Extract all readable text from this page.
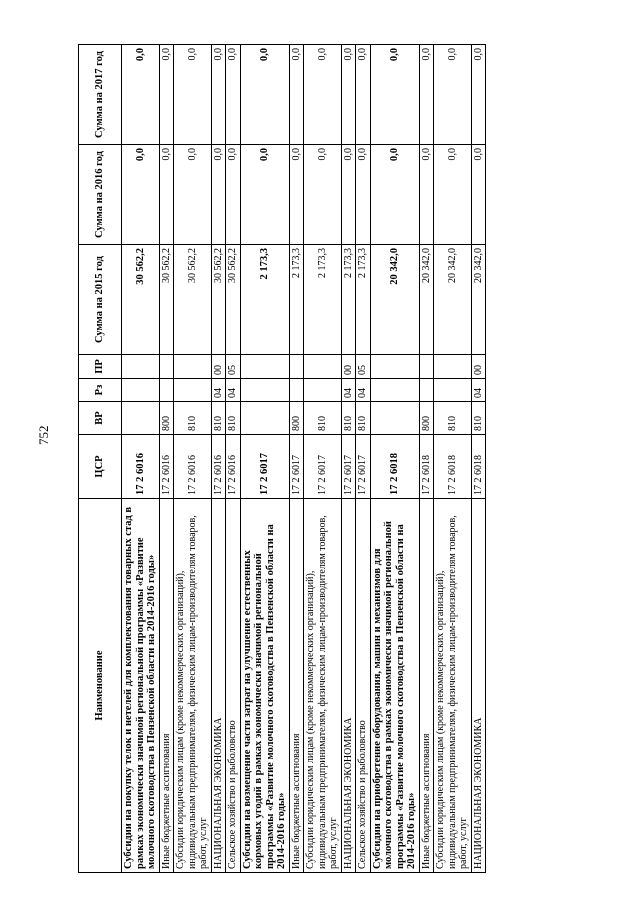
752
Наименование	ЦСР	ВР	Рз	ПР	Сумма на 2015 год	Сумма на 2016 год	Сумма на 2017 год
Субсидии на покупку телок и нетелей для комплектования товарных стад в рамках экономически значимой региональной программы «Развитие молочного скотоводства в Пензенской области на 2014-2016 годы»	17 2 6016				30 562,2	0,0	0,0
Иные бюджетные ассигнования	17 2 6016	800			30 562,2	0,0	0,0
Субсидии юридическим лицам (кроме некоммерческих организаций), индивидуальным предпринимателям, физическим лицам-производителям товаров, работ, услуг	17 2 6016	810			30 562,2	0,0	0,0
НАЦИОНАЛЬНАЯ ЭКОНОМИКА	17 2 6016	810	04	00	30 562,2	0,0	0,0
Сельское хозяйство и рыболовство	17 2 6016	810	04	05	30 562,2	0,0	0,0
Субсидии на возмещение части затрат на улучшение естественных кормовых угодий в рамках экономически значимой региональной программы «Развитие молочного скотоводства в Пензенской области на 2014-2016 годы»	17 2 6017				2 173,3	0,0	0,0
Иные бюджетные ассигнования	17 2 6017	800			2 173,3	0,0	0,0
Субсидии юридическим лицам (кроме некоммерческих организаций), индивидуальным предпринимателям, физическим лицам-производителям товаров, работ, услуг	17 2 6017	810			2 173,3	0,0	0,0
НАЦИОНАЛЬНАЯ ЭКОНОМИКА	17 2 6017	810	04	00	2 173,3	0,0	0,0
Сельское хозяйство и рыболовство	17 2 6017	810	04	05	2 173,3	0,0	0,0
Субсидии на приобретение оборудования, машин и механизмов для молочного скотоводства в рамках экономически значимой региональной программы «Развитие молочного скотоводства в Пензенской области на 2014-2016 годы»	17 2 6018				20 342,0	0,0	0,0
Иные бюджетные ассигнования	17 2 6018	800			20 342,0	0,0	0,0
Субсидии юридическим лицам (кроме некоммерческих организаций), индивидуальным предпринимателям, физическим лицам-производителям товаров, работ, услуг	17 2 6018	810			20 342,0	0,0	0,0
НАЦИОНАЛЬНАЯ ЭКОНОМИКА	17 2 6018	810	04	00	20 342,0	0,0	0,0
